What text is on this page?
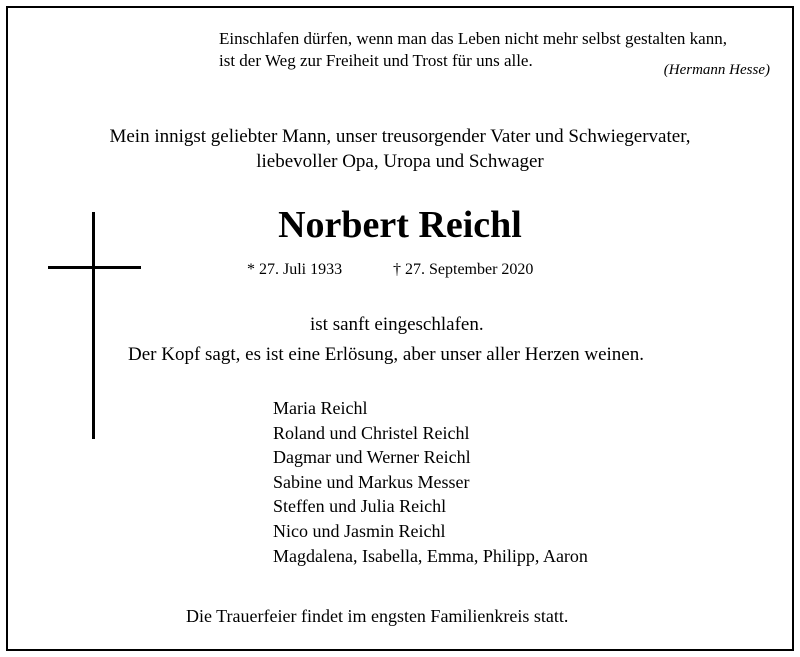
Einschlafen dürfen, wenn man das Leben nicht mehr selbst gestalten kann,
ist der Weg zur Freiheit und Trost für uns alle.	(Hermann Hesse)
Mein innigst geliebter Mann, unser treusorgender Vater und Schwiegervater,
liebevoller Opa, Uropa und Schwager
Norbert Reichl
* 27. Juli 1933	† 27. September 2020
ist sanft eingeschlafen.
Der Kopf sagt, es ist eine Erlösung, aber unser aller Herzen weinen.
Maria Reichl
Roland und Christel Reichl
Dagmar und Werner Reichl
Sabine und Markus Messer
Steffen und Julia Reichl
Nico und Jasmin Reichl
Magdalena, Isabella, Emma, Philipp, Aaron
Die Trauerfeier findet im engsten Familienkreis statt.
